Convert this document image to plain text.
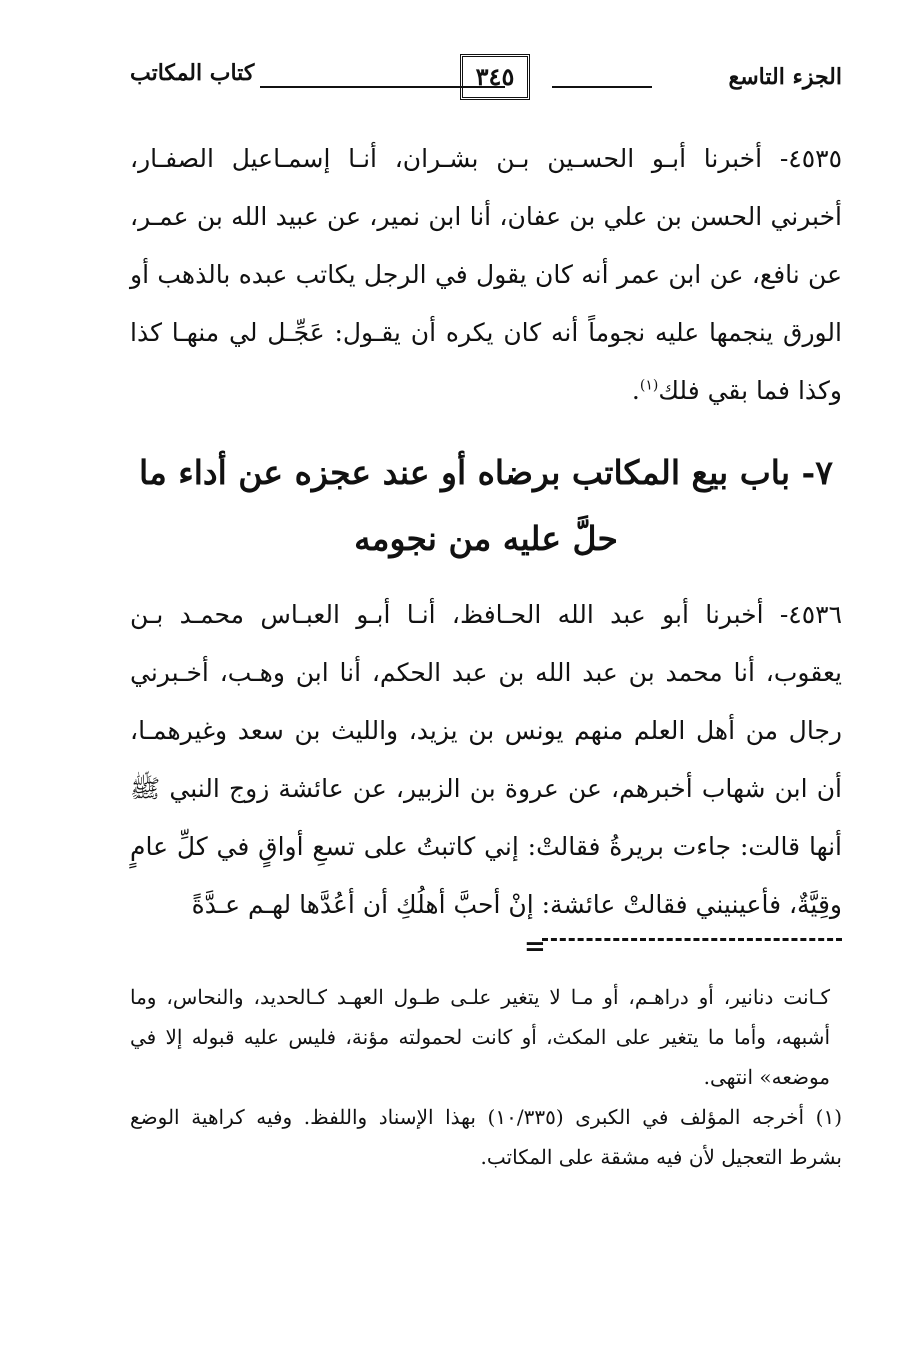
الجزء التاسع
٣٤٥
كتاب المكاتب

٤٥٣٥- أخبرنا أبـو الحسـين بـن بشـران، أنـا إسمـاعيل الصفـار، أخبرني الحسن بن علي بن عفان، أنا ابن نمير، عن عبيد الله بن عمـر، عن نافع، عن ابن عمر أنه كان يقول في الرجل يكاتب عبده بالذهب أو الورق ينجمها عليه نجوماً أنه كان يكره أن يقـول: عَجِّـل لي منهـا كذا وكذا فما بقي فلك$^{(١)}$.

٧- باب بيع المكاتب برضاه أو عند عجزه عن أداء ما
حلَّ عليه من نجومه

٤٥٣٦- أخبرنا أبو عبد الله الحـافظ، أنـا أبـو العبـاس محمـد بـن يعقوب، أنا محمد بن عبد الله بن عبد الحكم، أنا ابن وهـب، أخـبرني رجال من أهل العلم منهم يونس بن يزيد، والليث بن سعد وغيرهمـا، أن ابن شهاب أخبرهم، عن عروة بن الزبير، عن عائشة زوج النبي ﷺ أنها قالت: جاءت بريرةُ فقالتْ: إني كاتبتُ على تسعِ أواقٍ في كلِّ عامٍ وقِيَّةٌ، فأعينيني فقالتْ عائشة: إنْ أحبَّ أهلُكِ أن أعُدَّها لهـم عـدَّةً

=

كـانت دنانير، أو دراهـم، أو مـا لا يتغير علـى طـول العهـد كـالحديد، والنحاس، وما أشبهه، وأما ما يتغير على المكث، أو كانت لحمولته مؤنة، فليس عليه قبوله إلا في موضعه» انتهى.

(١) أخرجه المؤلف في الكبرى (١٠/٣٣٥) بهذا الإسناد واللفظ. وفيه كراهية الوضع بشرط التعجيل لأن فيه مشقة على المكاتب.
